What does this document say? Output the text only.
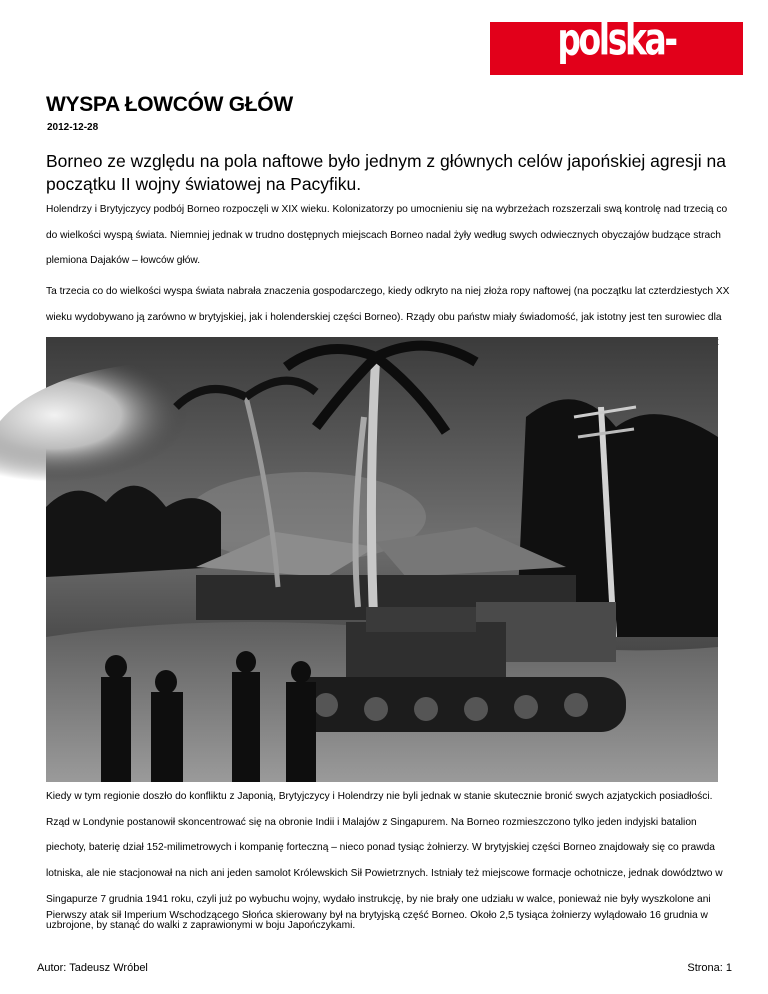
polska-zbrojna.pl
WYSPA ŁOWCÓW GŁÓW
2012-12-28

Borneo ze względu na pola naftowe było jednym z głównych celów japońskiej agresji na początku II wojny światowej na Pacyfiku.

Holendrzy i Brytyjczycy podbój Borneo rozpoczęli w XIX wieku. Kolonizatorzy po umocnieniu się na wybrzeżach rozszerzali swą kontrolę nad trzecią co do wielkości wyspą świata. Niemniej jednak w trudno dostępnych miejscach Borneo nadal żyły według swych odwiecznych obyczajów budzące strach plemiona Dajaków – łowców głów.

Ta trzecia co do wielkości wyspa świata nabrała znaczenia gospodarczego, kiedy odkryto na niej złoża ropy naftowej (na początku lat czterdziestych XX wieku wydobywano ją zarówno w brytyjskiej, jak i holenderskiej części Borneo). Rządy obu państw miały świadomość, jak istotny jest ten surowiec dla

Kiedy w tym regionie doszło do konfliktu z Japonią, Brytyjczycy i Holendrzy nie byli jednak w stanie skutecznie bronić swych azjatyckich posiadłości. Rząd w Londynie postanowił skoncentrować się na obronie Indii i Malajów z Singapurem. Na Borneo rozmieszczono tylko jeden indyjski batalion piechoty, baterię dział 152-milimetrowych i kompanię forteczną – nieco ponad tysiąc żołnierzy. W brytyjskiej części Borneo znajdowały się co prawda lotniska, ale nie stacjonował na nich ani jeden samolot Królewskich Sił Powietrznych. Istniały też miejscowe formacje ochotnicze, jednak dowództwo w Singapurze 7 grudnia 1941 roku, czyli już po wybuchu wojny, wydało instrukcję, by nie brały one udziału w walce, ponieważ nie były wyszkolone ani uzbrojone, by stanąć do walki z zaprawionymi w boju Japończykami.

Pierwszy atak sił Imperium Wschodzącego Słońca skierowany był na brytyjską część Borneo. Około 2,5 tysiąca żołnierzy wylądowało 16 grudnia w

Autor: Tadeusz Wróbel	Strona: 1
